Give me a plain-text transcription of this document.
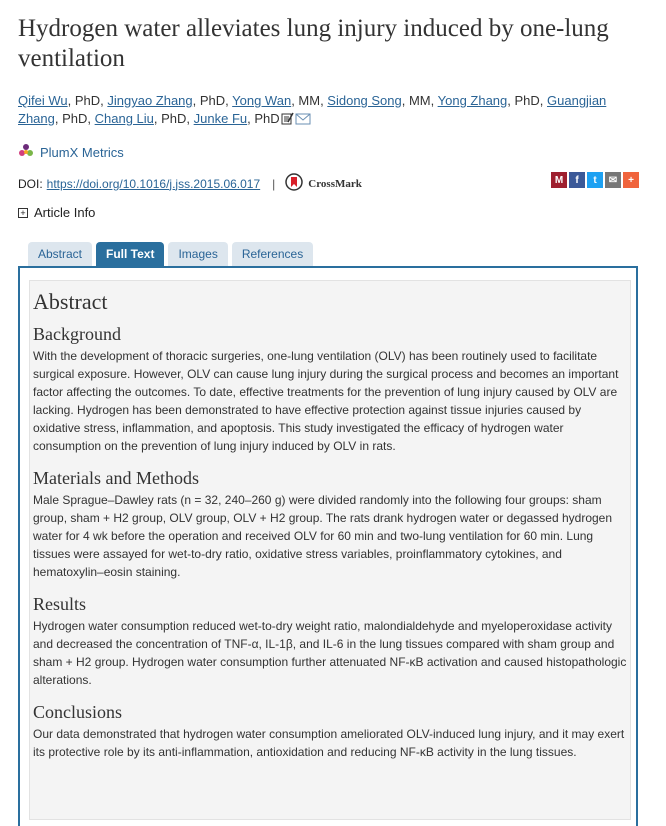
Hydrogen water alleviates lung injury induced by one-lung ventilation
Qifei Wu, PhD, Jingyao Zhang, PhD, Yong Wan, MM, Sidong Song, MM, Yong Zhang, PhD, Guangjian Zhang, PhD, Chang Liu, PhD, Junke Fu, PhD
PlumX Metrics
DOI: https://doi.org/10.1016/j.jss.2015.06.017 |	CrossMark	M	f	t	✉	+
+ Article Info
Abstract	Full Text	Images	References
Abstract
Background

With the development of thoracic surgeries, one-lung ventilation (OLV) has been routinely used to facilitate surgical exposure. However, OLV can cause lung injury during the surgical process and becomes an important factor affecting the outcomes. To date, effective treatments for the prevention of lung injury caused by OLV are lacking. Hydrogen has been demonstrated to have effective protection against tissue injuries caused by oxidative stress, inflammation, and apoptosis. This study investigated the efficacy of hydrogen water consumption on the prevention of lung injury induced by OLV in rats.

Materials and Methods

Male Sprague–Dawley rats (n = 32, 240–260 g) were divided randomly into the following four groups: sham group, sham + H2 group, OLV group, OLV + H2 group. The rats drank hydrogen water or degassed hydrogen water for 4 wk before the operation and received OLV for 60 min and two-lung ventilation for 60 min. Lung tissues were assayed for wet-to-dry ratio, oxidative stress variables, proinflammatory cytokines, and hematoxylin–eosin staining.

Results

Hydrogen water consumption reduced wet-to-dry weight ratio, malondialdehyde and myeloperoxidase activity and decreased the concentration of TNF-α, IL-1β, and IL-6 in the lung tissues compared with sham group and sham + H2 group. Hydrogen water consumption further attenuated NF-κB activation and caused histopathologic alterations.

Conclusions

Our data demonstrated that hydrogen water consumption ameliorated OLV-induced lung injury, and it may exert its protective role by its anti-inflammation, antioxidation and reducing NF-κB activity in the lung tissues.
